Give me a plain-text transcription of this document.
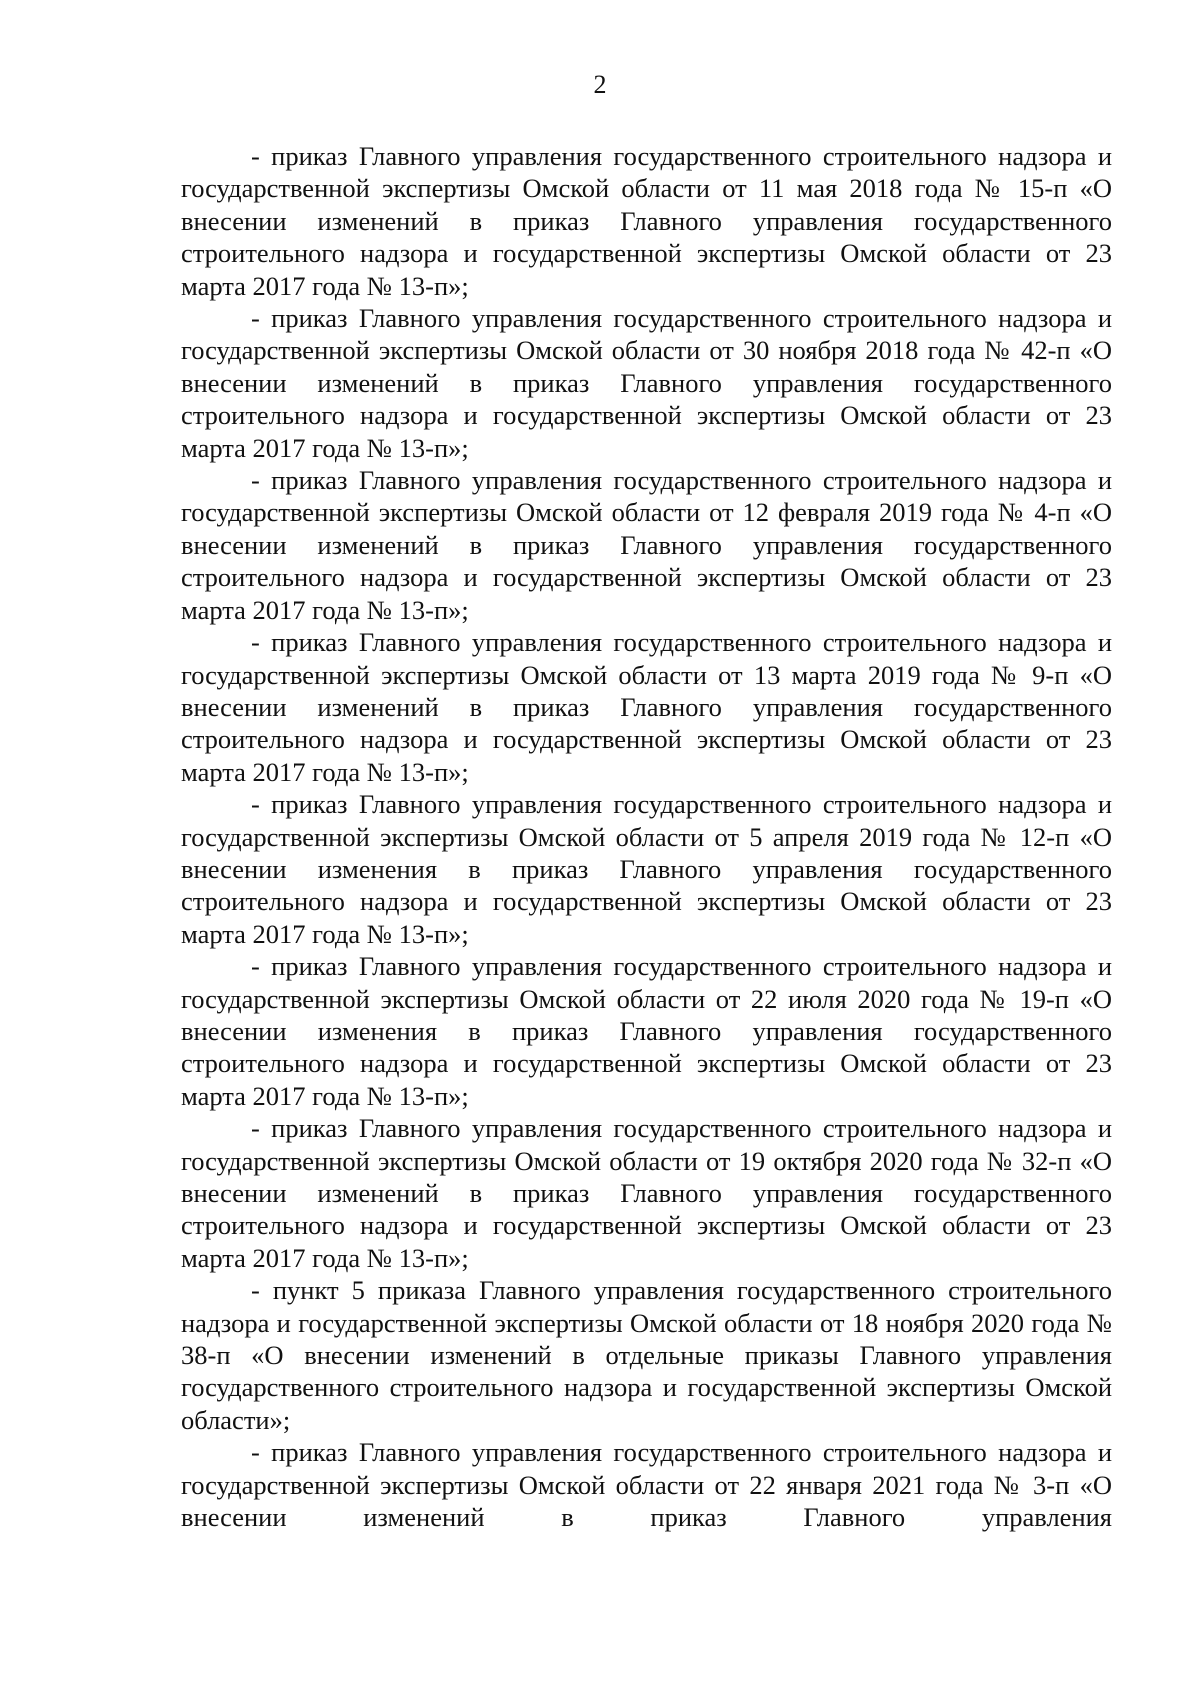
2

- приказ Главного управления государственного строительного надзора и государственной экспертизы Омской области от 11 мая 2018 года № 15-п «О внесении изменений в приказ Главного управления государственного строительного надзора и государственной экспертизы Омской области от 23 марта 2017 года № 13-п»;

- приказ Главного управления государственного строительного надзора и государственной экспертизы Омской области от 30 ноября 2018 года № 42-п «О внесении изменений в приказ Главного управления государственного строительного надзора и государственной экспертизы Омской области от 23 марта 2017 года № 13-п»;

- приказ Главного управления государственного строительного надзора и государственной экспертизы Омской области от 12 февраля 2019 года № 4-п «О внесении изменений в приказ Главного управления государственного строительного надзора и государственной экспертизы Омской области от 23 марта 2017 года № 13-п»;

- приказ Главного управления государственного строительного надзора и государственной экспертизы Омской области от 13 марта 2019 года № 9-п «О внесении изменений в приказ Главного управления государственного строительного надзора и государственной экспертизы Омской области от 23 марта 2017 года № 13-п»;

- приказ Главного управления государственного строительного надзора и государственной экспертизы Омской области от 5 апреля 2019 года № 12-п «О внесении изменения в приказ Главного управления государственного строительного надзора и государственной экспертизы Омской области от 23 марта 2017 года № 13-п»;

- приказ Главного управления государственного строительного надзора и государственной экспертизы Омской области от 22 июля 2020 года № 19-п «О внесении изменения в приказ Главного управления государственного строительного надзора и государственной экспертизы Омской области от 23 марта 2017 года № 13-п»;

- приказ Главного управления государственного строительного надзора и государственной экспертизы Омской области от 19 октября 2020 года № 32-п «О внесении изменений в приказ Главного управления государственного строительного надзора и государственной экспертизы Омской области от 23 марта 2017 года № 13-п»;

- пункт 5 приказа Главного управления государственного строительного надзора и государственной экспертизы Омской области от 18 ноября 2020 года № 38-п «О внесении изменений в отдельные приказы Главного управления государственного строительного надзора и государственной экспертизы Омской области»;

- приказ Главного управления государственного строительного надзора и государственной экспертизы Омской области от 22 января 2021 года № 3-п «О внесении изменений в приказ Главного управления
